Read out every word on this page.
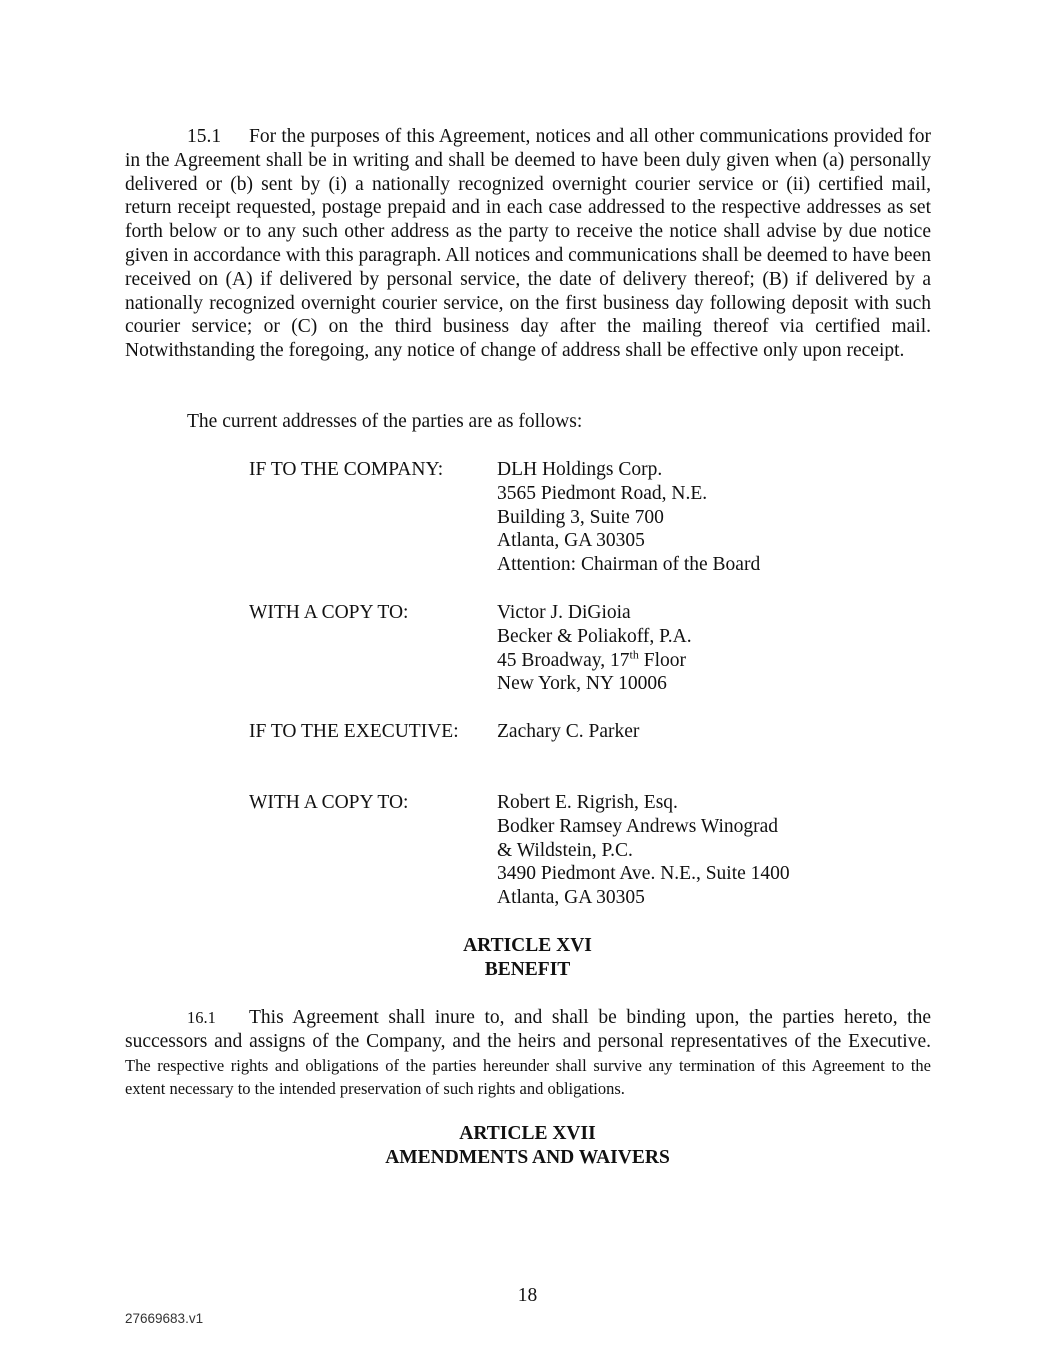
15.1 For the purposes of this Agreement, notices and all other communications provided for in the Agreement shall be in writing and shall be deemed to have been duly given when (a) personally delivered or (b) sent by (i) a nationally recognized overnight courier service or (ii) certified mail, return receipt requested, postage prepaid and in each case addressed to the respective addresses as set forth below or to any such other address as the party to receive the notice shall advise by due notice given in accordance with this paragraph. All notices and communications shall be deemed to have been received on (A) if delivered by personal service, the date of delivery thereof; (B) if delivered by a nationally recognized overnight courier service, on the first business day following deposit with such courier service; or (C) on the third business day after the mailing thereof via certified mail. Notwithstanding the foregoing, any notice of change of address shall be effective only upon receipt.

The current addresses of the parties are as follows:

IF TO THE COMPANY:	DLH Holdings Corp.
3565 Piedmont Road, N.E.
Building 3, Suite 700
Atlanta, GA 30305
Attention: Chairman of the Board

WITH A COPY TO:	Victor J. DiGioia
Becker & Poliakoff, P.A.
45 Broadway, 17th Floor
New York, NY 10006

IF TO THE EXECUTIVE: Zachary C. Parker

WITH A COPY TO:	Robert E. Rigrish, Esq.
Bodker Ramsey Andrews Winograd
& Wildstein, P.C.
3490 Piedmont Ave. N.E., Suite 1400
Atlanta, GA 30305
ARTICLE XVI
BENEFIT

16.1 This Agreement shall inure to, and shall be binding upon, the parties hereto, the successors and assigns of the Company, and the heirs and personal representatives of the Executive. The respective rights and obligations of the parties hereunder shall survive any termination of this Agreement to the extent necessary to the intended preservation of such rights and obligations.

ARTICLE XVII
AMENDMENTS AND WAIVERS

18

27669683.v1
